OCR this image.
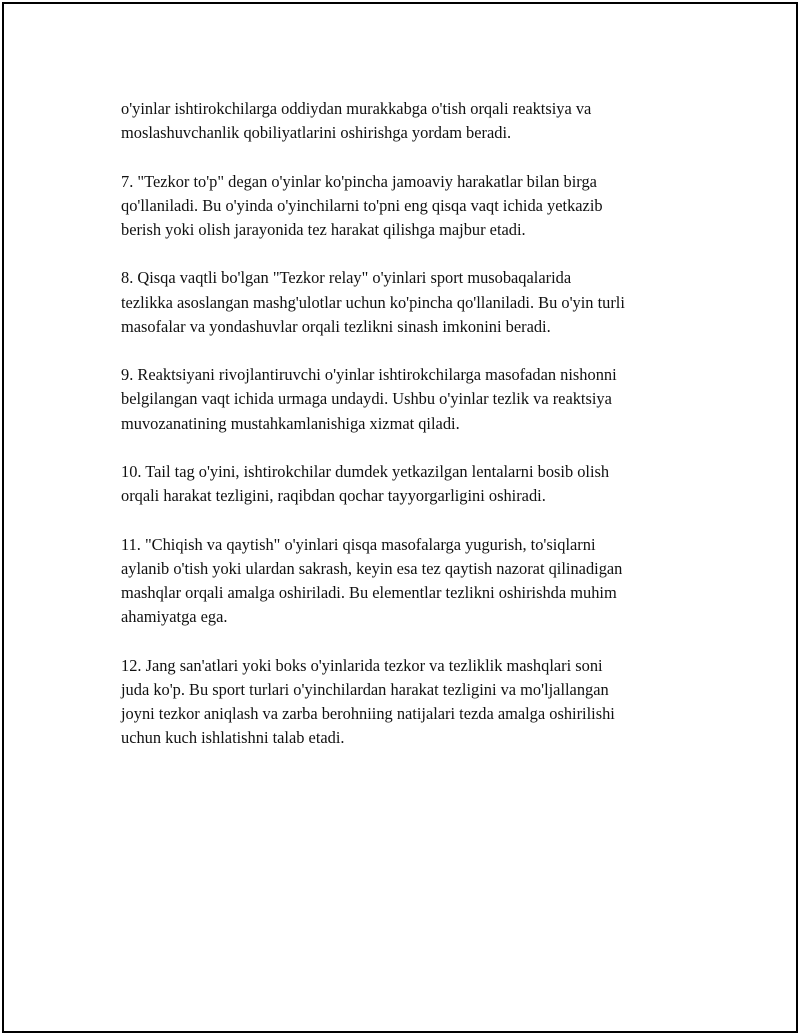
o'yinlar ishtirokchilarga oddiydan murakkabga o'tish orqali reaktsiya va
moslashuvchanlik qobiliyatlarini oshirishga yordam beradi.

7. "Tezkor to'p" degan o'yinlar ko'pincha jamoaviy harakatlar bilan birga
qo'llaniladi. Bu o'yinda o'yinchilarni to'pni eng qisqa vaqt ichida yetkazib
berish yoki olish jarayonida tez harakat qilishga majbur etadi.

8. Qisqa vaqtli bo'lgan "Tezkor relay" o'yinlari sport musobaqalarida
tezlikka asoslangan mashg'ulotlar uchun ko'pincha qo'llaniladi. Bu o'yin turli
masofalar va yondashuvlar orqali tezlikni sinash imkonini beradi.

9. Reaktsiyani rivojlantiruvchi o'yinlar ishtirokchilarga masofadan nishonni
belgilangan vaqt ichida urmaga undaydi. Ushbu o'yinlar tezlik va reaktsiya
muvozanatining mustahkamlanishiga xizmat qiladi.

10. Tail tag o'yini, ishtirokchilar dumdek yetkazilgan lentalarni bosib olish
orqali harakat tezligini, raqibdan qochar tayyorgarligini oshiradi.

11. "Chiqish va qaytish" o'yinlari qisqa masofalarga yugurish, to'siqlarni
aylanib o'tish yoki ulardan sakrash, keyin esa tez qaytish nazorat qilinadigan
mashqlar orqali amalga oshiriladi. Bu elementlar tezlikni oshirishda muhim
ahamiyatga ega.

12. Jang san'atlari yoki boks o'yinlarida tezkor va tezliklik mashqlari soni
juda ko'p. Bu sport turlari o'yinchilardan harakat tezligini va mo'ljallangan
joyni tezkor aniqlash va zarba berohniing natijalari tezda amalga oshirilishi
uchun kuch ishlatishni talab etadi.
